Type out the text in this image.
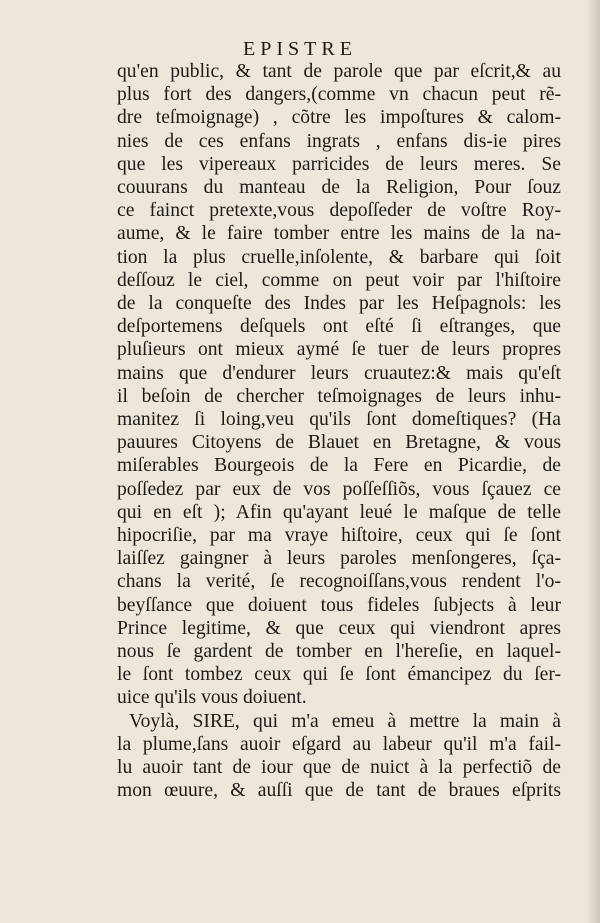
EPISTRE
qu'en public, & tant de parole que par eſcrit,& au
plus fort des dangers,(comme vn chacun peut rẽ-
dre teſmoignage) , cõtre les impoſtures & calom-
nies de ces enfans ingrats , enfans dis-ie pires
que les vipereaux parricides de leurs meres. Se
couurans du manteau de la Religion, Pour ſouz
ce fainct pretexte,vous depoſſeder de voſtre Roy-
aume, & le faire tomber entre les mains de la na-
tion la plus cruelle,inſolente, & barbare qui ſoit
deſſouz le ciel, comme on peut voir par l'hiſtoire
de la conqueſte des Indes par les Heſpagnols: les
deſportemens deſquels ont eſté ſi eſtranges, que
pluſieurs ont mieux aymé ſe tuer de leurs propres
mains que d'endurer leurs cruautez:& mais qu'eſt
il beſoin de chercher teſmoignages de leurs inhu-
manitez ſi loing,veu qu'ils ſont domeſtiques? (Ha
pauures Citoyens de Blauet en Bretagne, & vous
miſerables Bourgeois de la Fere en Picardie, de
poſſedez par eux de vos poſſeſſiõs, vous ſçauez ce
qui en eſt ); Afin qu'ayant leué le maſque de telle
hipocriſie, par ma vraye hiſtoire, ceux qui ſe ſont
laiſſez gaingner à leurs paroles menſongeres, ſça-
chans la verité, ſe recognoiſſans,vous rendent l'o-
beyſſance que doiuent tous fideles ſubjects à leur
Prince legitime, & que ceux qui viendront apres
nous ſe gardent de tomber en l'hereſie, en laquel-
le ſont tombez ceux qui ſe ſont émancipez du ſer-
uice qu'ils vous doiuent.
Voylà, SIRE, qui m'a emeu à mettre la main à
la plume,ſans auoir eſgard au labeur qu'il m'a fail-
lu auoir tant de iour que de nuict à la perfectiõ de
mon œuure, & auſſi que de tant de braues eſprits
